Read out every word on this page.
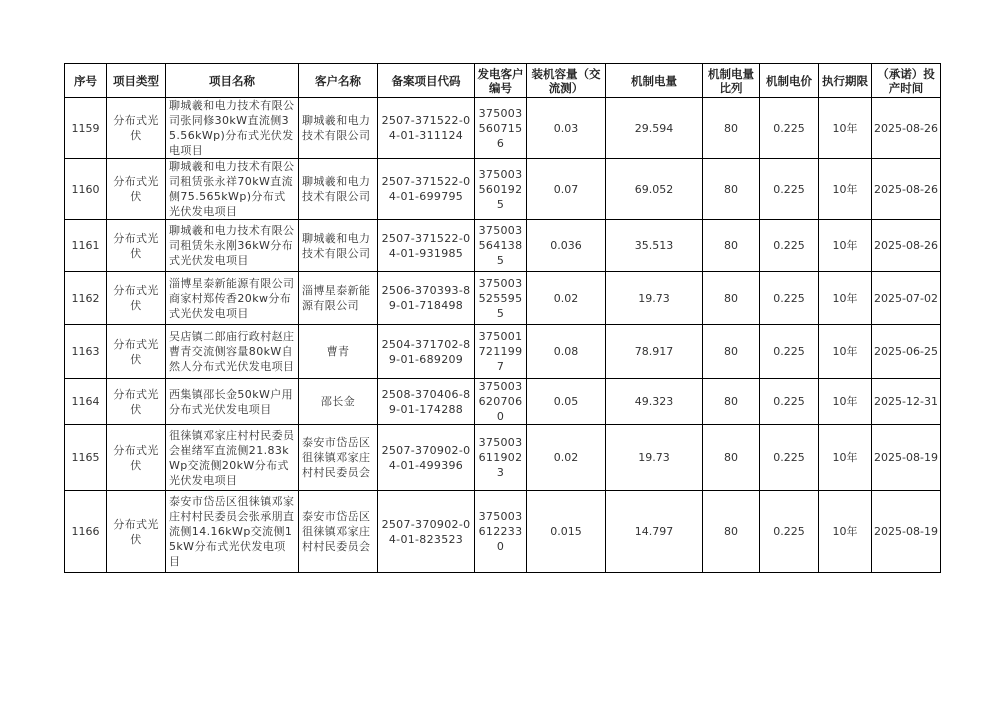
序号	项目类型	项目名称	客户名称	备案项目代码	发电客户编号	装机容量（交流测）	机制电量	机制电量比列	机制电价	执行期限	（承诺）投产时间
1159	分布式光伏	聊城羲和电力技术有限公司张同修30kW直流侧35.56kWp)分布式光伏发电项目	聊城羲和电力技术有限公司	2507-371522-04-01-311124	3750035607156	0.03	29.594	80	0.225	10年	2025-08-26
1160	分布式光伏	聊城羲和电力技术有限公司租赁张永祥70kW直流侧75.565kWp)分布式光伏发电项目	聊城羲和电力技术有限公司	2507-371522-04-01-699795	3750035601925	0.07	69.052	80	0.225	10年	2025-08-26
1161	分布式光伏	聊城羲和电力技术有限公司租赁朱永刚36kW分布式光伏发电项目	聊城羲和电力技术有限公司	2507-371522-04-01-931985	3750035641385	0.036	35.513	80	0.225	10年	2025-08-26
1162	分布式光伏	淄博星泰新能源有限公司商家村郑传香20kw分布式光伏发电项目	淄博星泰新能源有限公司	2506-370393-89-01-718498	3750035255955	0.02	19.73	80	0.225	10年	2025-07-02
1163	分布式光伏	吴店镇二郎庙行政村赵庄曹青交流侧容量80kW自然人分布式光伏发电项目	曹青	2504-371702-89-01-689209	3750017211997	0.08	78.917	80	0.225	10年	2025-06-25
1164	分布式光伏	西集镇邵长金50kW户用分布式光伏发电项目	邵长金	2508-370406-89-01-174288	3750036207060	0.05	49.323	80	0.225	10年	2025-12-31
1165	分布式光伏	徂徕镇邓家庄村村民委员会崔绪军直流侧21.83kWp交流侧20kW分布式光伏发电项目	泰安市岱岳区徂徕镇邓家庄村村民委员会	2507-370902-04-01-499396	3750036119023	0.02	19.73	80	0.225	10年	2025-08-19
1166	分布式光伏	泰安市岱岳区徂徕镇邓家庄村村民委员会张承朋直流侧14.16kWp交流侧15kW分布式光伏发电项目	泰安市岱岳区徂徕镇邓家庄村村民委员会	2507-370902-04-01-823523	3750036122330	0.015	14.797	80	0.225	10年	2025-08-19
